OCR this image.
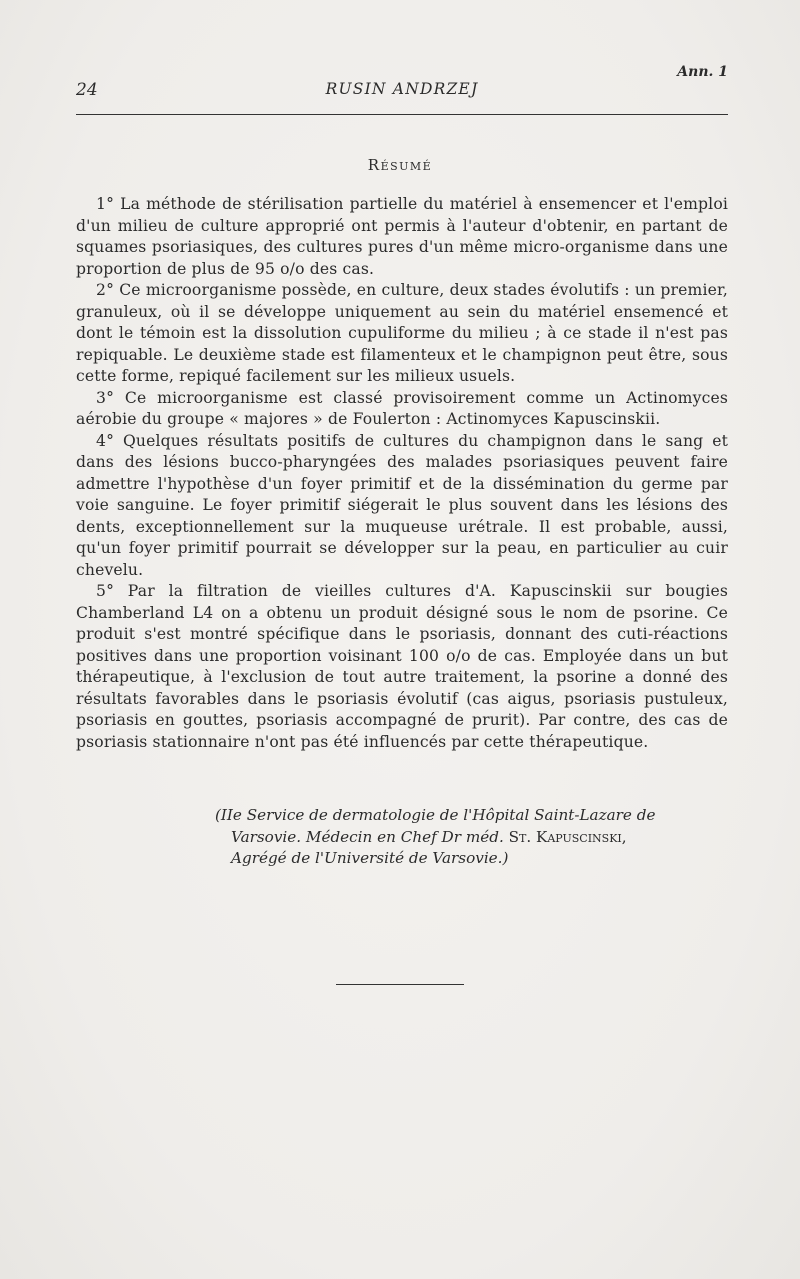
24	RUSIN ANDRZEJ
Ann. 1
Résumé

1° La méthode de stérilisation partielle du matériel à ensemencer et l'emploi d'un milieu de culture approprié ont permis à l'auteur d'obtenir, en partant de squames psoriasiques, des cultures pures d'un même micro-organisme dans une proportion de plus de 95 o/o des cas.

2° Ce microorganisme possède, en culture, deux stades évolutifs : un premier, granuleux, où il se développe uniquement au sein du matériel ensemencé et dont le témoin est la dissolution cupuliforme du milieu ; à ce stade il n'est pas repiquable. Le deuxième stade est filamenteux et le champignon peut être, sous cette forme, repiqué facilement sur les milieux usuels.

3° Ce microorganisme est classé provisoirement comme un Actinomyces aérobie du groupe « majores » de Foulerton : Actinomyces Kapuscinskii.

4° Quelques résultats positifs de cultures du champignon dans le sang et dans des lésions bucco-pharyngées des malades psoriasiques peuvent faire admettre l'hypothèse d'un foyer primitif et de la dissémination du germe par voie sanguine. Le foyer primitif siégerait le plus souvent dans les lésions des dents, exceptionnellement sur la muqueuse urétrale. Il est probable, aussi, qu'un foyer primitif pourrait se développer sur la peau, en particulier au cuir chevelu.

5° Par la filtration de vieilles cultures d'A. Kapuscinskii sur bougies Chamberland L4 on a obtenu un produit désigné sous le nom de psorine. Ce produit s'est montré spécifique dans le psoriasis, donnant des cuti-réactions positives dans une proportion voisinant 100 o/o de cas. Employée dans un but thérapeutique, à l'exclusion de tout autre traitement, la psorine a donné des résultats favorables dans le psoriasis évolutif (cas aigus, psoriasis pustuleux, psoriasis en gouttes, psoriasis accompagné de prurit). Par contre, des cas de psoriasis stationnaire n'ont pas été influencés par cette thérapeutique.

(IIe Service de dermatologie de l'Hôpital Saint-Lazare de
Varsovie. Médecin en Chef Dr méd. St. Kapuscinski,
Agrégé de l'Université de Varsovie.)
